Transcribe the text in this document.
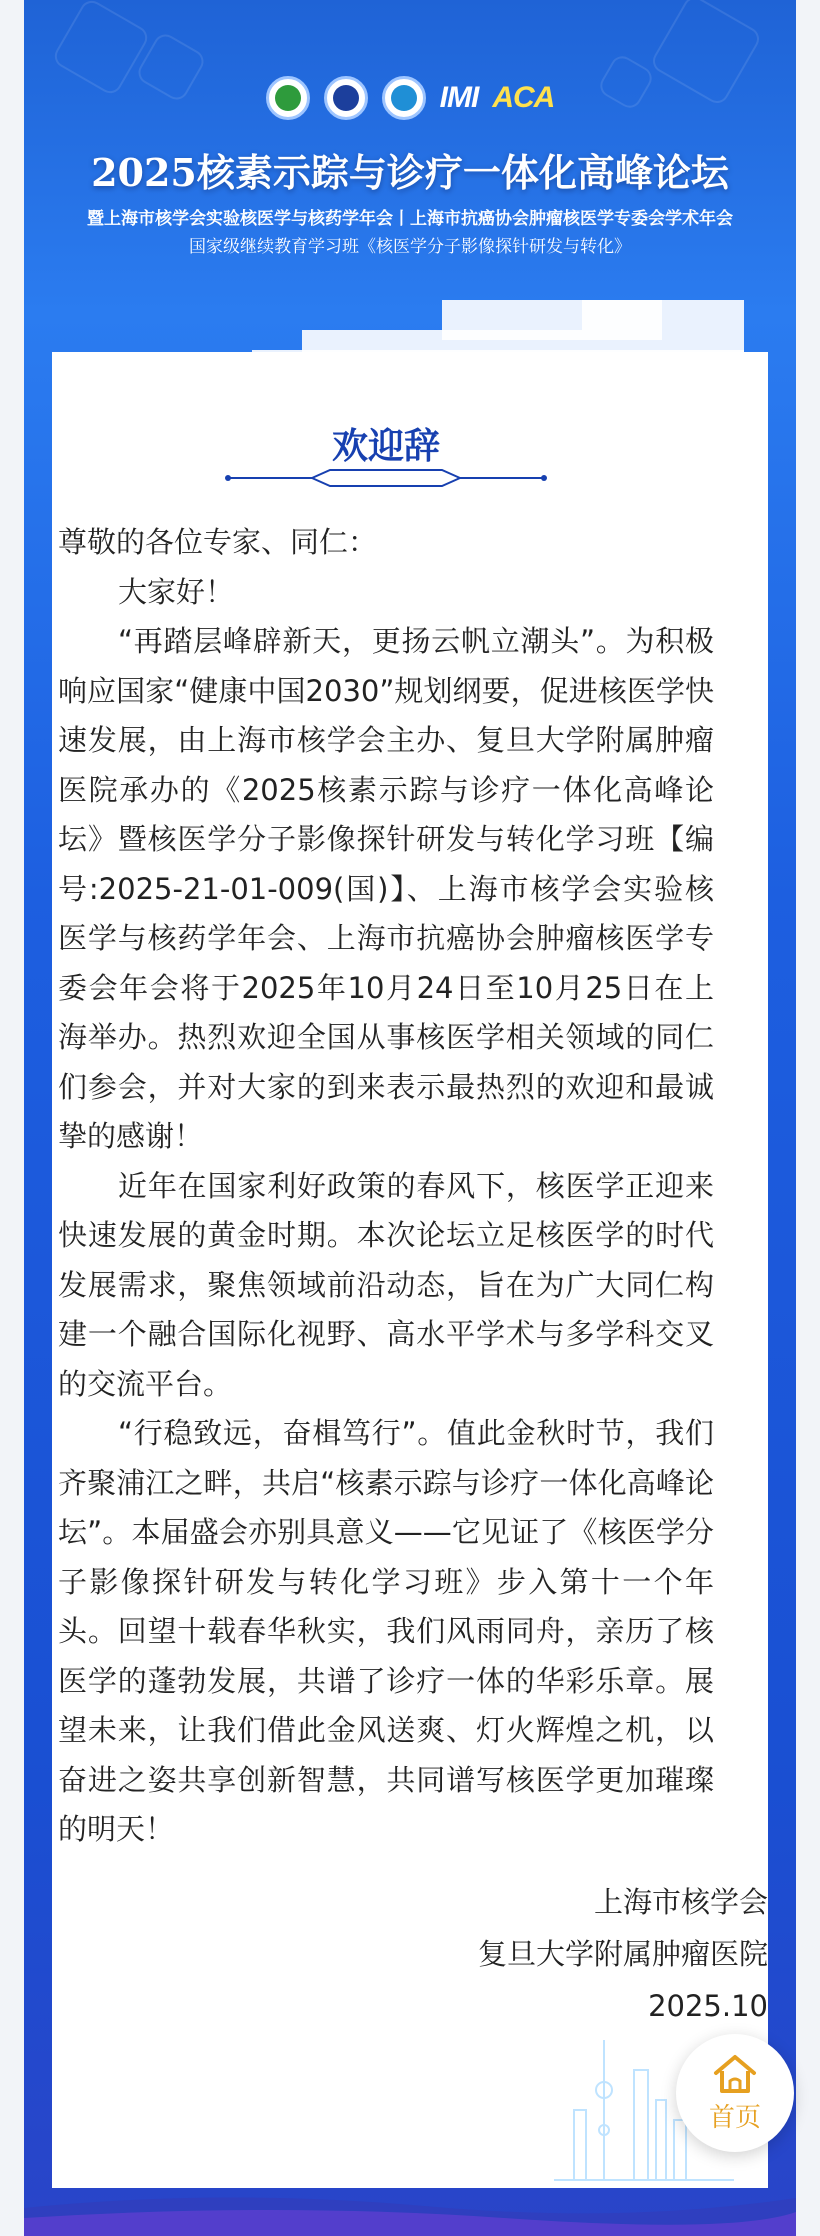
IMI ACA
2025核素示踪与诊疗一体化高峰论坛
暨上海市核学会实验核医学与核药学年会丨上海市抗癌协会肿瘤核医学专委会学术年会
国家级继续教育学习班《核医学分子影像探针研发与转化》
欢迎辞

尊敬的各位专家、同仁：

大家好！

“再踏层峰辟新天，更扬云帆立潮头”。为积极响应国家“健康中国2030”规划纲要，促进核医学快速发展，由上海市核学会主办、复旦大学附属肿瘤医院承办的《2025核素示踪与诊疗一体化高峰论坛》暨核医学分子影像探针研发与转化学习班【编号:2025-21-01-009(国)】、上海市核学会实验核医学与核药学年会、上海市抗癌协会肿瘤核医学专委会年会将于2025年10月24日至10月25日在上海举办。热烈欢迎全国从事核医学相关领域的同仁们参会，并对大家的到来表示最热烈的欢迎和最诚挚的感谢！

近年在国家利好政策的春风下，核医学正迎来快速发展的黄金时期。本次论坛立足核医学的时代发展需求，聚焦领域前沿动态，旨在为广大同仁构建一个融合国际化视野、高水平学术与多学科交叉的交流平台。

“行稳致远，奋楫笃行”。值此金秋时节，我们齐聚浦江之畔，共启“核素示踪与诊疗一体化高峰论坛”。本届盛会亦别具意义——它见证了《核医学分子影像探针研发与转化学习班》步入第十一个年头。回望十载春华秋实，我们风雨同舟，亲历了核医学的蓬勃发展，共谱了诊疗一体的华彩乐章。展望未来，让我们借此金风送爽、灯火辉煌之机，以奋进之姿共享创新智慧，共同谱写核医学更加璀璨的明天！

上海市核学会
复旦大学附属肿瘤医院
2025.10
首页
